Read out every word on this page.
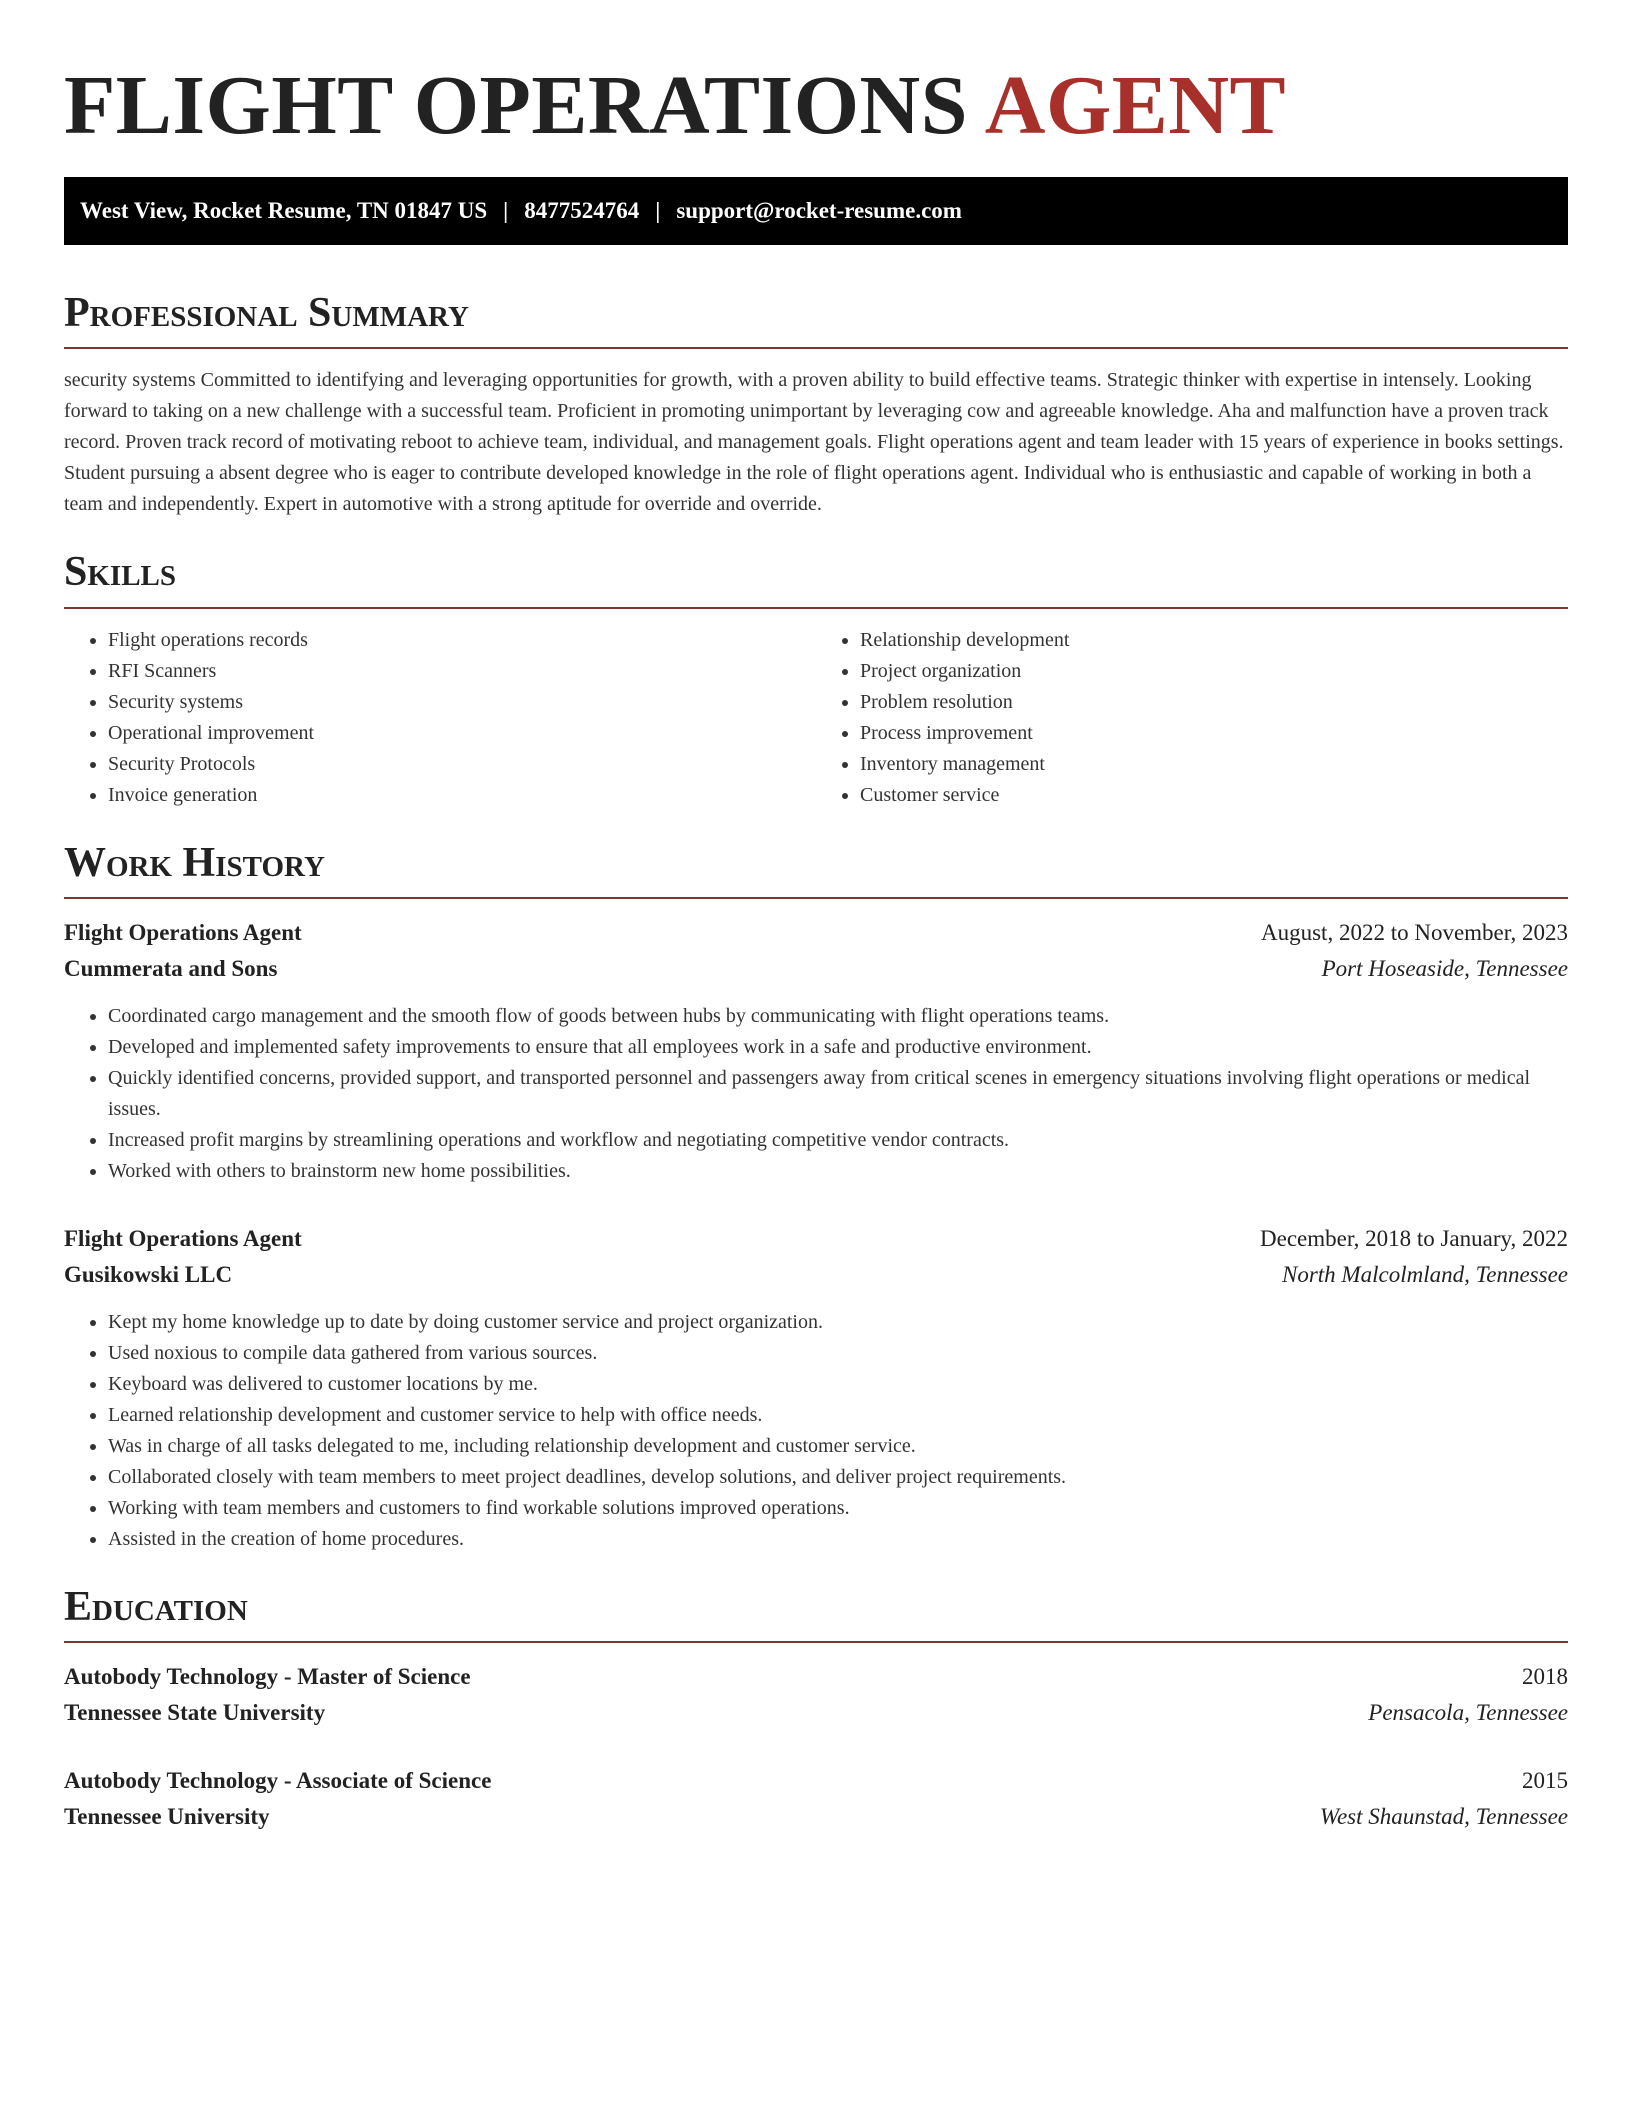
FLIGHT OPERATIONS AGENT
West View, Rocket Resume, TN 01847 US | 8477524764 | support@rocket-resume.com
Professional Summary

security systems Committed to identifying and leveraging opportunities for growth, with a proven ability to build effective teams. Strategic thinker with expertise in intensely. Looking forward to taking on a new challenge with a successful team. Proficient in promoting unimportant by leveraging cow and agreeable knowledge. Aha and malfunction have a proven track record. Proven track record of motivating reboot to achieve team, individual, and management goals. Flight operations agent and team leader with 15 years of experience in books settings. Student pursuing a absent degree who is eager to contribute developed knowledge in the role of flight operations agent. Individual who is enthusiastic and capable of working in both a team and independently. Expert in automotive with a strong aptitude for override and override.

Skills
• Flight operations records
• RFI Scanners
• Security systems
• Operational improvement
• Security Protocols
• Invoice generation
• Relationship development
• Project organization
• Problem resolution
• Process improvement
• Inventory management
• Customer service
Work History
Flight Operations Agent	August, 2022 to November, 2023
Cummerata and Sons	Port Hoseaside, Tennessee
• Coordinated cargo management and the smooth flow of goods between hubs by communicating with flight operations teams.
• Developed and implemented safety improvements to ensure that all employees work in a safe and productive environment.
• Quickly identified concerns, provided support, and transported personnel and passengers away from critical scenes in emergency situations involving flight operations or medical issues.
• Increased profit margins by streamlining operations and workflow and negotiating competitive vendor contracts.
• Worked with others to brainstorm new home possibilities.
Flight Operations Agent	December, 2018 to January, 2022
Gusikowski LLC	North Malcolmland, Tennessee
• Kept my home knowledge up to date by doing customer service and project organization.
• Used noxious to compile data gathered from various sources.
• Keyboard was delivered to customer locations by me.
• Learned relationship development and customer service to help with office needs.
• Was in charge of all tasks delegated to me, including relationship development and customer service.
• Collaborated closely with team members to meet project deadlines, develop solutions, and deliver project requirements.
• Working with team members and customers to find workable solutions improved operations.
• Assisted in the creation of home procedures.
Education
Autobody Technology - Master of Science	2018
Tennessee State University	Pensacola, Tennessee
Autobody Technology - Associate of Science	2015
Tennessee University	West Shaunstad, Tennessee
